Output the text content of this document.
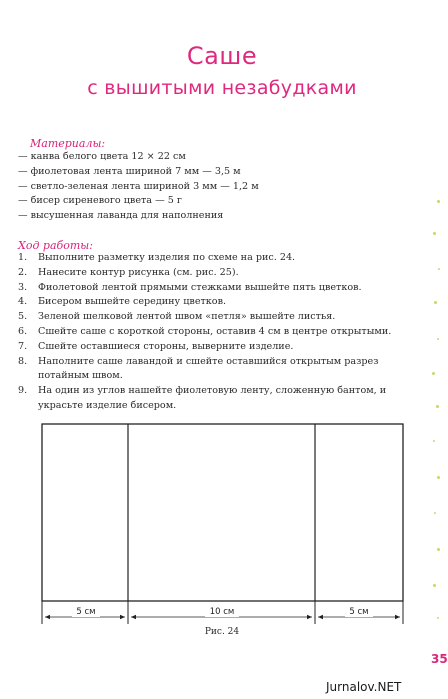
Саше
с вышитыми незабудками
Материалы:
— канва белого цвета 12 × 22 см
— фиолетовая лента шириной 7 мм — 3,5 м
— светло-зеленая лента шириной 3 мм — 1,2 м
— бисер сиреневого цвета — 5 г
— высушенная лаванда для наполнения
Ход работы:
1.	Выполните разметку изделия по схеме на рис. 24.
2.	Нанесите контур рисунка (см. рис. 25).
3.	Фиолетовой лентой прямыми стежками вышейте пять цветков.
4.	Бисером вышейте середину цветков.
5.	Зеленой шелковой лентой швом «петля» вышейте листья.
6.	Сшейте саше с короткой стороны, оставив 4 см в центре открытыми.
7.	Сшейте оставшиеся стороны, выверните изделие.
8.	Наполните саше лавандой и сшейте оставшийся открытым разрез потайным швом.
9.	На один из углов нашейте фиолетовую ленту, сложенную бантом, и украсьте изделие бисером.
5 см	10 см	5 см
Рис. 24
35
Jurnalov.NET
